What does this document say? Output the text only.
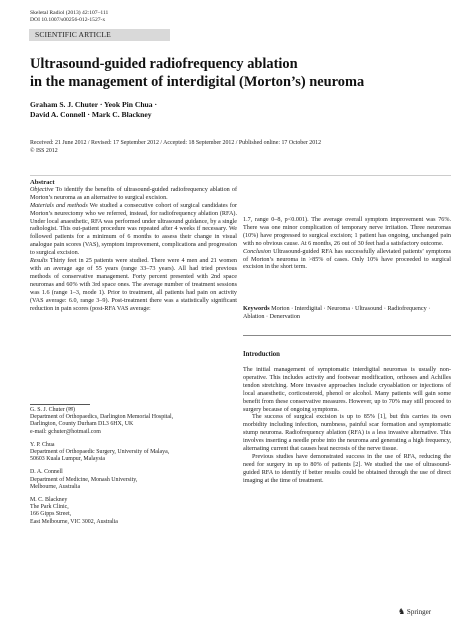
Skeletal Radiol (2013) 42:107–111
DOI 10.1007/s00256-012-1527-x
SCIENTIFIC ARTICLE
Ultrasound-guided radiofrequency ablation
in the management of interdigital (Morton’s) neuroma
Graham S. J. Chuter · Yeok Pin Chua ·
David A. Connell · Mark C. Blackney
Received: 21 June 2012 / Revised: 17 September 2012 / Accepted: 18 September 2012 / Published online: 17 October 2012
© ISS 2012

Abstract

Objective To identify the benefits of ultrasound-guided radiofrequency ablation of Morton’s neuroma as an alternative to surgical excision.

Materials and methods We studied a consecutive cohort of surgical candidates for Morton’s neurectomy who we referred, instead, for radiofrequency ablation (RFA). Under local anaesthetic, RFA was performed under ultrasound guidance, by a single radiologist. This out-patient procedure was repeated after 4 weeks if necessary. We followed patients for a minimum of 6 months to assess their change in visual analogue pain scores (VAS), symptom improvement, complications and progression to surgical excision.

Results Thirty feet in 25 patients were studied. There were 4 men and 21 women with an average age of 55 years (range 33–73 years). All had tried previous methods of conservative management. Forty percent presented with 2nd space neuromas and 60% with 3rd space ones. The average number of treatment sessions was 1.6 (range 1–3, mode 1). Prior to treatment, all patients had pain on activity (VAS average: 6.0, range 3–9). Post-treatment there was a statistically significant reduction in pain scores (post-RFA VAS average:

G. S. J. Chuter (✉)
Department of Orthopaedics, Darlington Memorial Hospital,
Darlington, County Durham DL3 6HX, UK
e-mail: gchuter@hotmail.com
Y. P. Chua
Department of Orthopaedic Surgery, University of Malaya,
50603 Kuala Lumpur, Malaysia
D. A. Connell
Department of Medicine, Monash University,
Melbourne, Australia
M. C. Blackney
The Park Clinic,
166 Gipps Street,
East Melbourne, VIC 3002, Australia

1.7, range 0–8, p<0.001). The average overall symptom improvement was 76%. There was one minor complication of temporary nerve irritation. Three neuromas (10%) have progressed to surgical excision; 1 patient has ongoing, unchanged pain with no obvious cause. At 6 months, 26 out of 30 feet had a satisfactory outcome.

Conclusion Ultrasound-guided RFA has successfully alleviated patients’ symptoms of Morton’s neuroma in >85% of cases. Only 10% have proceeded to surgical excision in the short term.

Keywords Morton · Interdigital · Neuroma · Ultrasound · Radiofrequency · Ablation · Denervation
Introduction

The initial management of symptomatic interdigital neuromas is usually non-operative. This includes activity and footwear modification, orthoses and Achilles tendon stretching. More invasive approaches include cryoablation or injections of local anaesthetic, corticosteroid, phenol or alcohol. Many patients will gain some benefit from these conservative measures. However, up to 70% may still proceed to surgery because of ongoing symptoms.

The success of surgical excision is up to 85% [1], but this carries its own morbidity including infection, numbness, painful scar formation and symptomatic stump neuroma. Radiofrequency ablation (RFA) is a less invasive alternative. This involves inserting a needle probe into the neuroma and generating a high frequency, alternating current that causes heat necrosis of the nerve tissue.

Previous studies have demonstrated success in the use of RFA, reducing the need for surgery in up to 80% of patients [2]. We studied the use of ultrasound-guided RFA to identify if better results could be obtained through the use of direct imaging at the time of treatment.

♞ Springer
